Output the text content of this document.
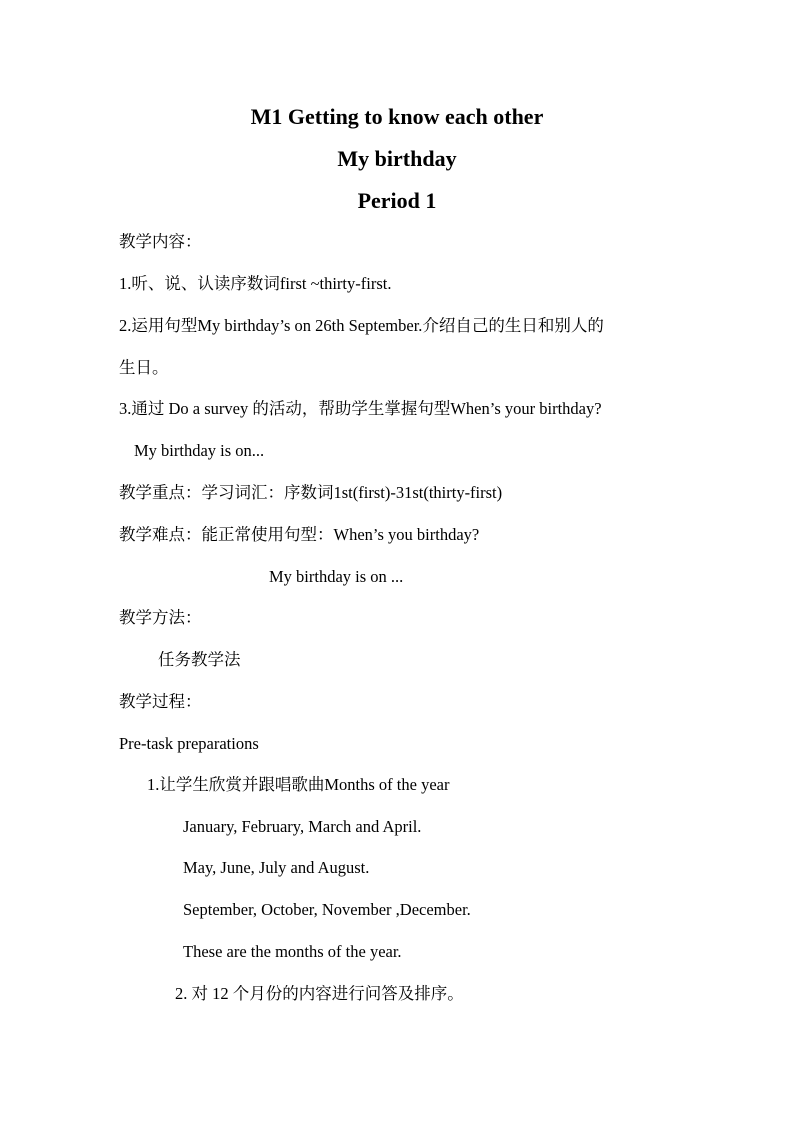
M1 Getting to know each other
My birthday
Period 1
教学内容：
1.听、说、认读序数词first ~thirty-first.
2.运用句型My birthday’s on 26th September.介绍自己的生日和别人的
生日。
3.通过 Do a survey 的活动，帮助学生掌握句型When’s your birthday?
My birthday is on...
教学重点：学习词汇：序数词1st(first)-31st(thirty-first)
教学难点：能正常使用句型：When’s you birthday?
My birthday is on ...
教学方法：
任务教学法
教学过程：
Pre-task preparations
1.让学生欣赏并跟唱歌曲Months of the year
January, February, March and April.
May, June, July and August.
September, October, November ,December.
These are the months of the year.
2. 对 12 个月份的内容进行问答及排序。
